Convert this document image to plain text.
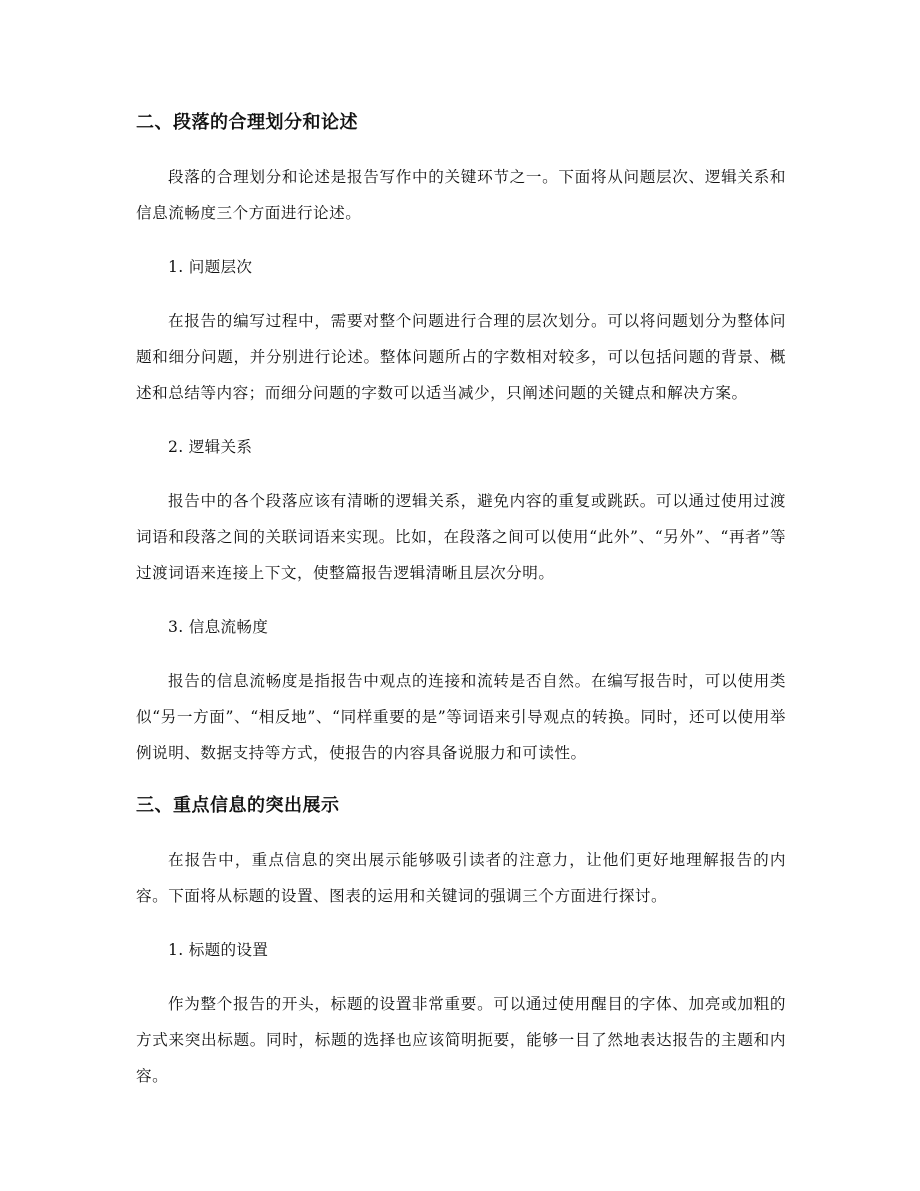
二、段落的合理划分和论述

段落的合理划分和论述是报告写作中的关键环节之一。下面将从问题层次、逻辑关系和信息流畅度三个方面进行论述。

1. 问题层次

在报告的编写过程中，需要对整个问题进行合理的层次划分。可以将问题划分为整体问题和细分问题，并分别进行论述。整体问题所占的字数相对较多，可以包括问题的背景、概述和总结等内容；而细分问题的字数可以适当减少，只阐述问题的关键点和解决方案。

2. 逻辑关系

报告中的各个段落应该有清晰的逻辑关系，避免内容的重复或跳跃。可以通过使用过渡词语和段落之间的关联词语来实现。比如，在段落之间可以使用“此外”、“另外”、“再者”等过渡词语来连接上下文，使整篇报告逻辑清晰且层次分明。

3. 信息流畅度

报告的信息流畅度是指报告中观点的连接和流转是否自然。在编写报告时，可以使用类似“另一方面”、“相反地”、“同样重要的是”等词语来引导观点的转换。同时，还可以使用举例说明、数据支持等方式，使报告的内容具备说服力和可读性。

三、重点信息的突出展示

在报告中，重点信息的突出展示能够吸引读者的注意力，让他们更好地理解报告的内容。下面将从标题的设置、图表的运用和关键词的强调三个方面进行探讨。

1. 标题的设置

作为整个报告的开头，标题的设置非常重要。可以通过使用醒目的字体、加亮或加粗的方式来突出标题。同时，标题的选择也应该简明扼要，能够一目了然地表达报告的主题和内容。
